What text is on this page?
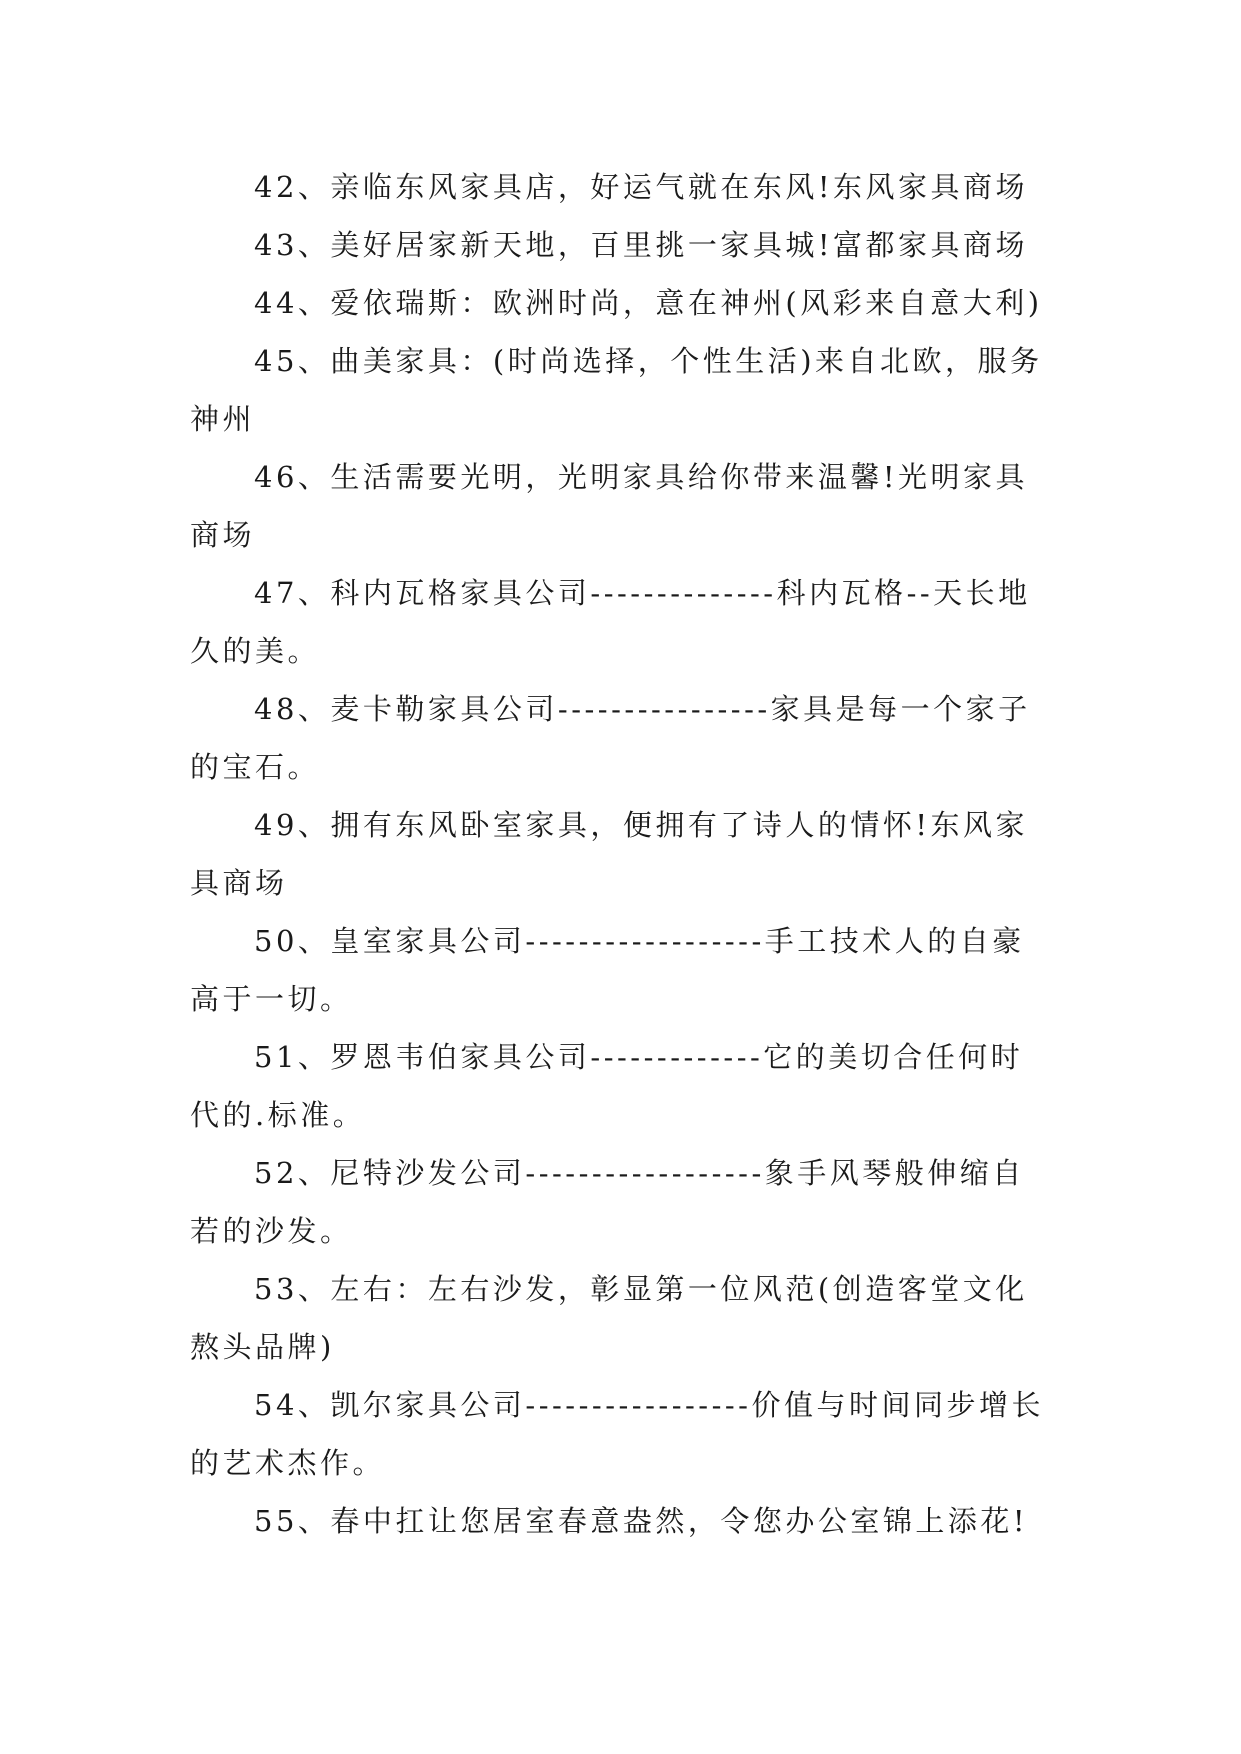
42、亲临东风家具店，好运气就在东风!东风家具商场

43、美好居家新天地，百里挑一家具城!富都家具商场

44、爱依瑞斯：欧洲时尚，意在神州(风彩来自意大利)

45、曲美家具：(时尚选择，个性生活)来自北欧，服务神州

46、生活需要光明，光明家具给你带来温馨!光明家具商场

47、科内瓦格家具公司--------------科内瓦格--天长地久的美。

48、麦卡勒家具公司----------------家具是每一个家子的宝石。

49、拥有东风卧室家具，便拥有了诗人的情怀!东风家具商场

50、皇室家具公司------------------手工技术人的自豪高于一切。

51、罗恩韦伯家具公司-------------它的美切合任何时代的.标准。

52、尼特沙发公司------------------象手风琴般伸缩自若的沙发。

53、左右：左右沙发，彰显第一位风范(创造客堂文化熬头品牌)

54、凯尔家具公司-----------------价值与时间同步增长的艺术杰作。

55、春中扛让您居室春意盎然，令您办公室锦上添花!
